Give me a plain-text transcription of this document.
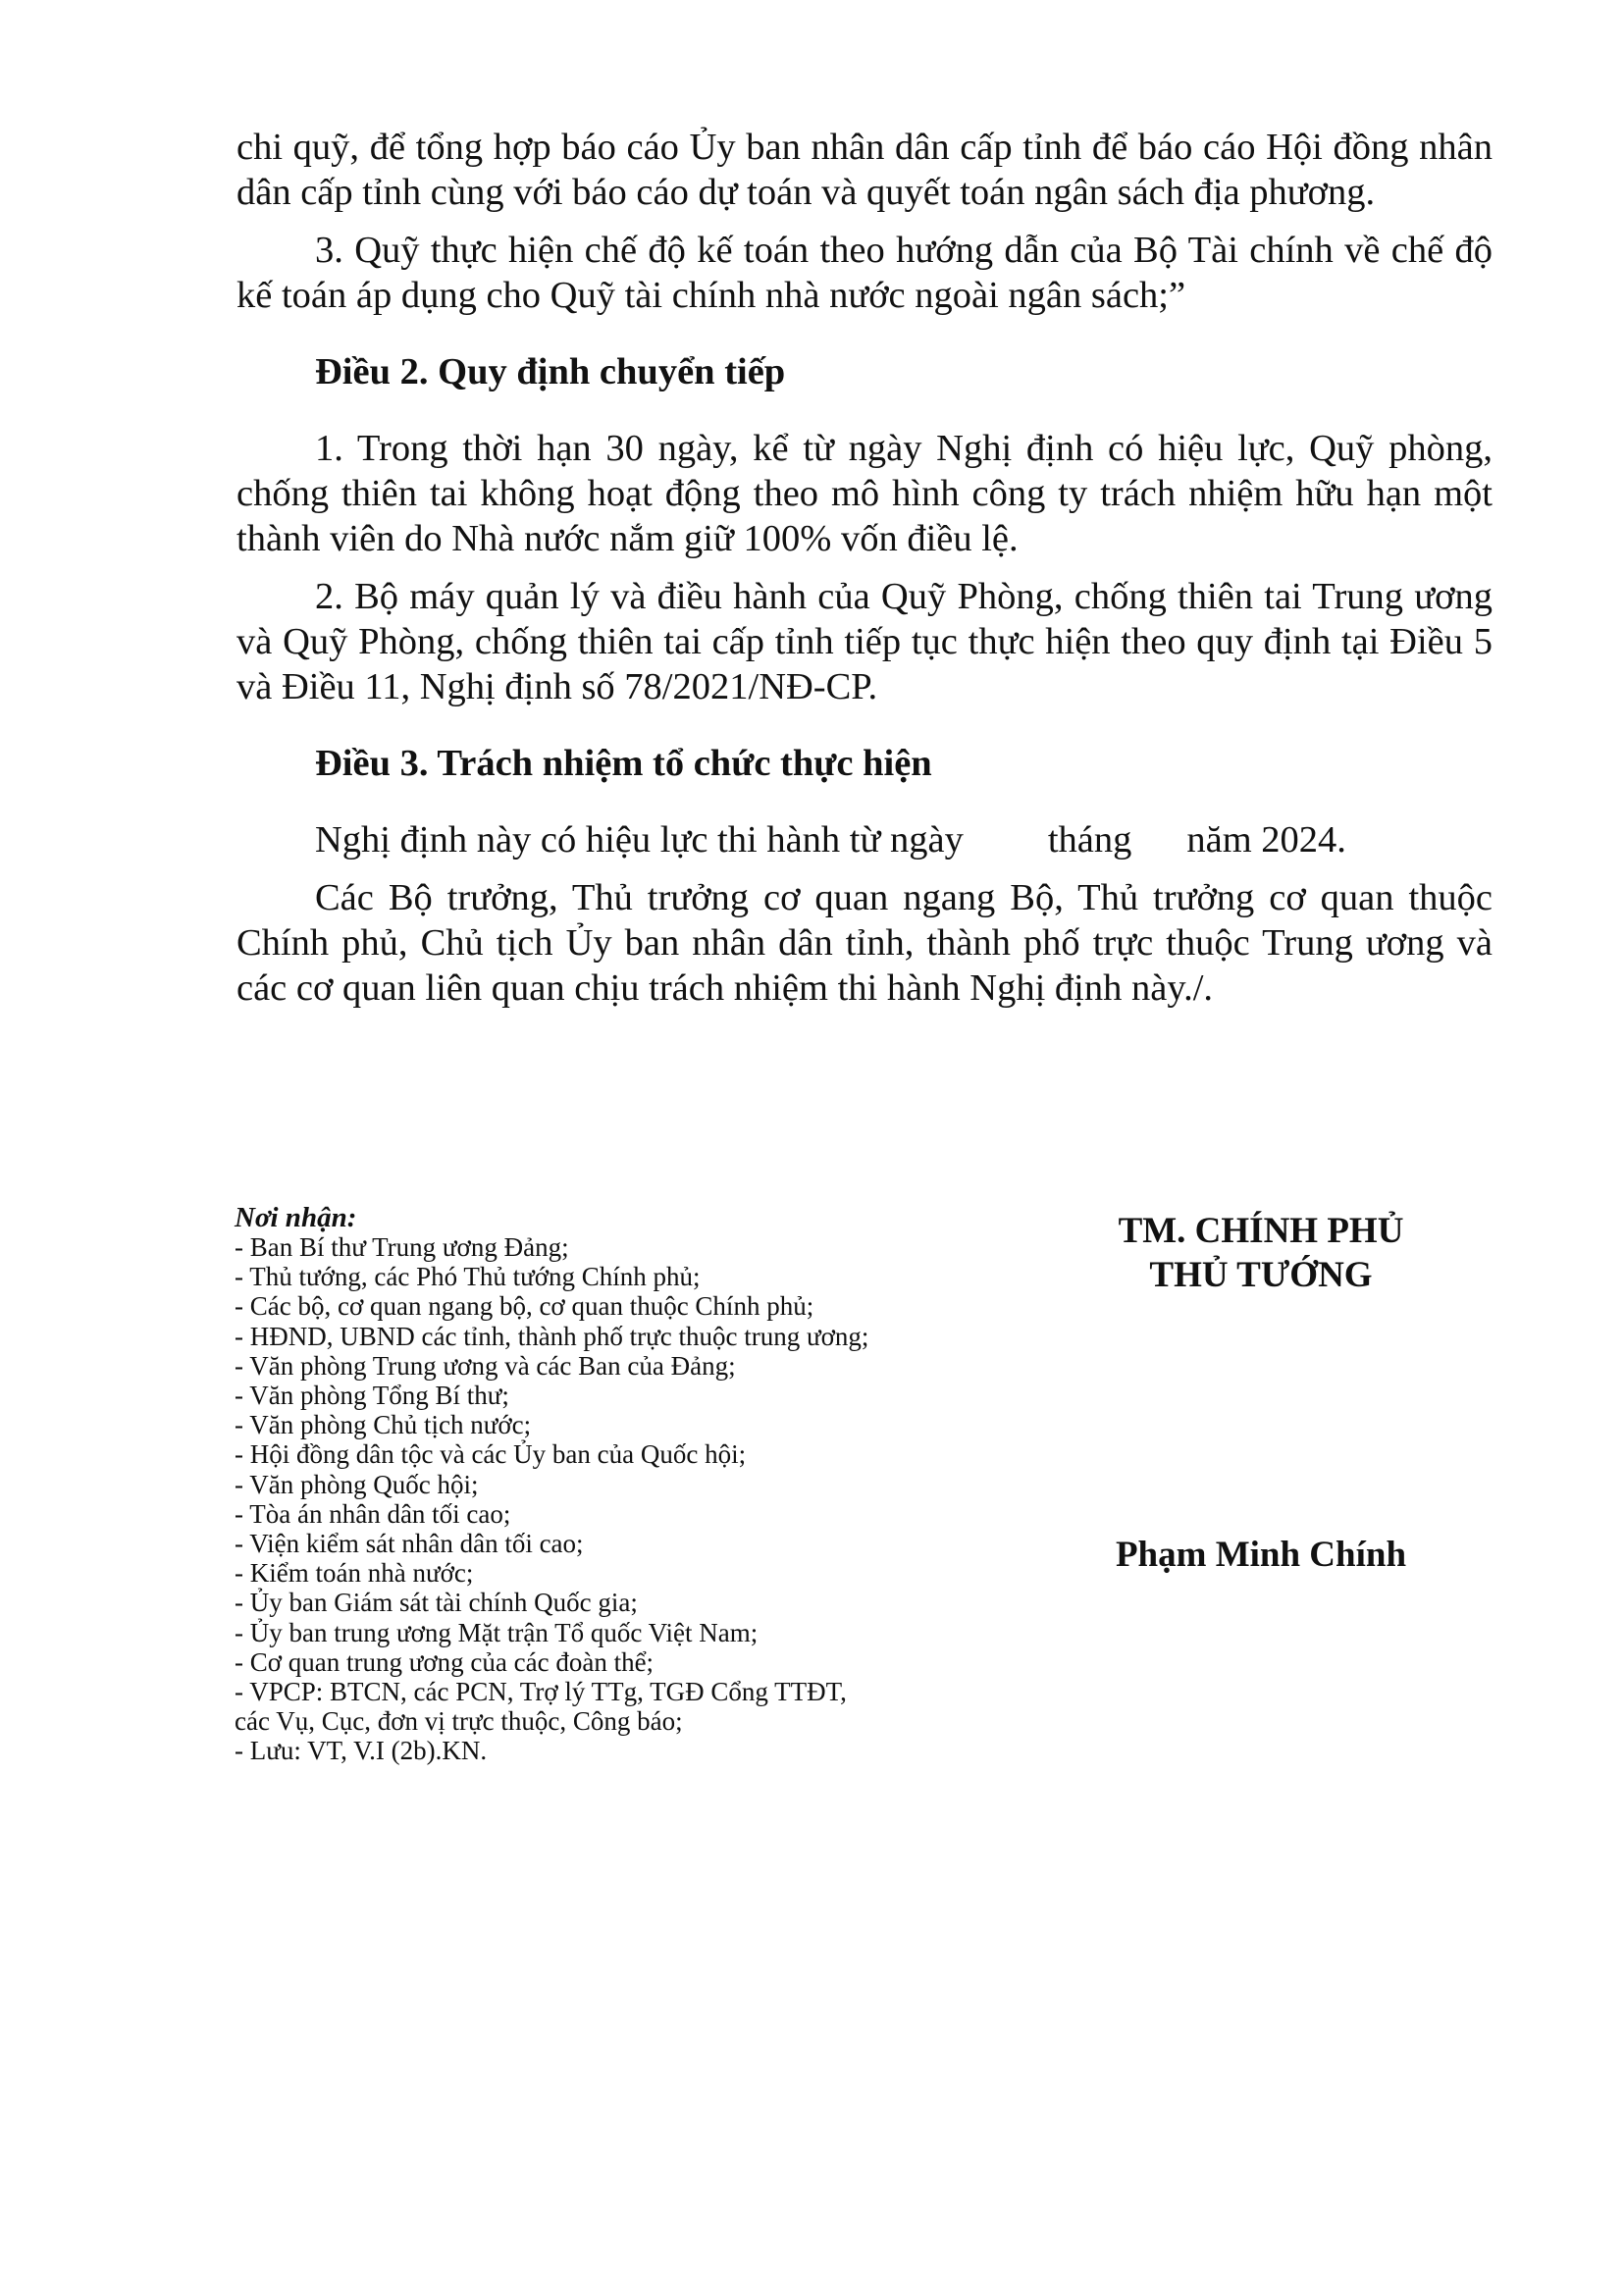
chi quỹ, để tổng hợp báo cáo Ủy ban nhân dân cấp tỉnh để báo cáo Hội đồng nhân dân cấp tỉnh cùng với báo cáo dự toán và quyết toán ngân sách địa phương.

3. Quỹ thực hiện chế độ kế toán theo hướng dẫn của Bộ Tài chính về chế độ kế toán áp dụng cho Quỹ tài chính nhà nước ngoài ngân sách;”

Điều 2. Quy định chuyển tiếp

1. Trong thời hạn 30 ngày, kể từ ngày Nghị định có hiệu lực, Quỹ phòng, chống thiên tai không hoạt động theo mô hình công ty trách nhiệm hữu hạn một thành viên do Nhà nước nắm giữ 100% vốn điều lệ.

2. Bộ máy quản lý và điều hành của Quỹ Phòng, chống thiên tai Trung ương và Quỹ Phòng, chống thiên tai cấp tỉnh tiếp tục thực hiện theo quy định tại Điều 5 và Điều 11, Nghị định số 78/2021/NĐ-CP.

Điều 3. Trách nhiệm tổ chức thực hiện

Nghị định này có hiệu lực thi hành từ ngày tháng năm 2024.

Các Bộ trưởng, Thủ trưởng cơ quan ngang Bộ, Thủ trưởng cơ quan thuộc Chính phủ, Chủ tịch Ủy ban nhân dân tỉnh, thành phố trực thuộc Trung ương và các cơ quan liên quan chịu trách nhiệm thi hành Nghị định này./.

Nơi nhận:
- Ban Bí thư Trung ương Đảng;
- Thủ tướng, các Phó Thủ tướng Chính phủ;
- Các bộ, cơ quan ngang bộ, cơ quan thuộc Chính phủ;
- HĐND, UBND các tỉnh, thành phố trực thuộc trung ương;
- Văn phòng Trung ương và các Ban của Đảng;
- Văn phòng Tổng Bí thư;
- Văn phòng Chủ tịch nước;
- Hội đồng dân tộc và các Ủy ban của Quốc hội;
- Văn phòng Quốc hội;
- Tòa án nhân dân tối cao;
- Viện kiểm sát nhân dân tối cao;
- Kiểm toán nhà nước;
- Ủy ban Giám sát tài chính Quốc gia;
- Ủy ban trung ương Mặt trận Tổ quốc Việt Nam;
- Cơ quan trung ương của các đoàn thể;
- VPCP: BTCN, các PCN, Trợ lý TTg, TGĐ Cổng TTĐT,
các Vụ, Cục, đơn vị trực thuộc, Công báo;
- Lưu: VT, V.I (2b).KN.
TM. CHÍNH PHỦ
THỦ TƯỚNG
Phạm Minh Chính
